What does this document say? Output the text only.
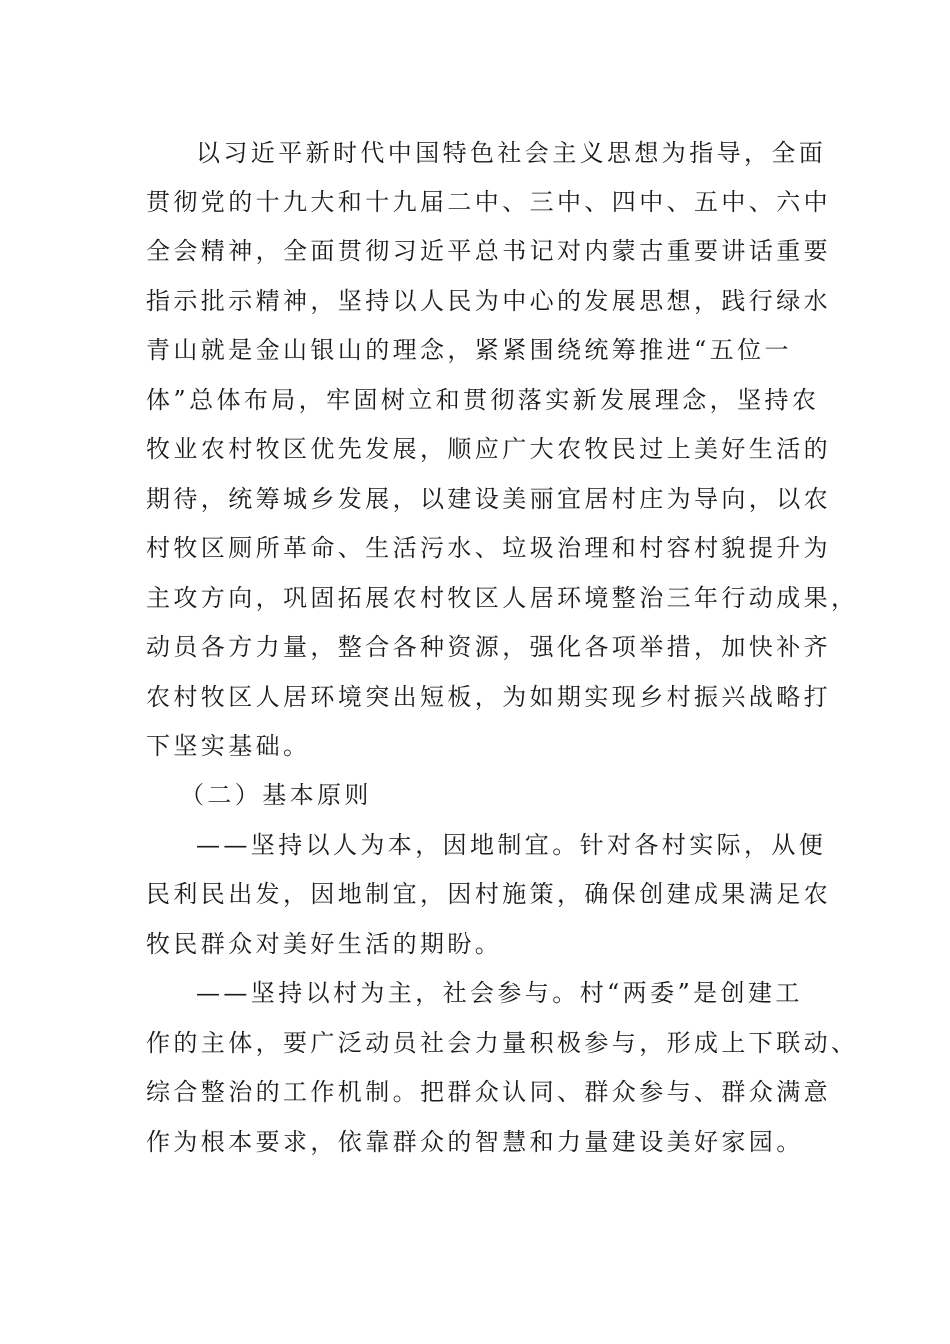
以习近平新时代中国特色社会主义思想为指导，全面
贯彻党的十九大和十九届二中、三中、四中、五中、六中
全会精神，全面贯彻习近平总书记对内蒙古重要讲话重要
指示批示精神，坚持以人民为中心的发展思想，践行绿水
青山就是金山银山的理念，紧紧围绕统筹推进“五位一
体”总体布局，牢固树立和贯彻落实新发展理念，坚持农
牧业农村牧区优先发展，顺应广大农牧民过上美好生活的
期待，统筹城乡发展，以建设美丽宜居村庄为导向，以农
村牧区厕所革命、生活污水、垃圾治理和村容村貌提升为
主攻方向，巩固拓展农村牧区人居环境整治三年行动成果，
动员各方力量，整合各种资源，强化各项举措，加快补齐
农村牧区人居环境突出短板，为如期实现乡村振兴战略打
下坚实基础。
（二）基本原则
——坚持以人为本，因地制宜。针对各村实际，从便
民利民出发，因地制宜，因村施策，确保创建成果满足农
牧民群众对美好生活的期盼。
——坚持以村为主，社会参与。村“两委”是创建工
作的主体，要广泛动员社会力量积极参与，形成上下联动、
综合整治的工作机制。把群众认同、群众参与、群众满意
作为根本要求，依靠群众的智慧和力量建设美好家园。
